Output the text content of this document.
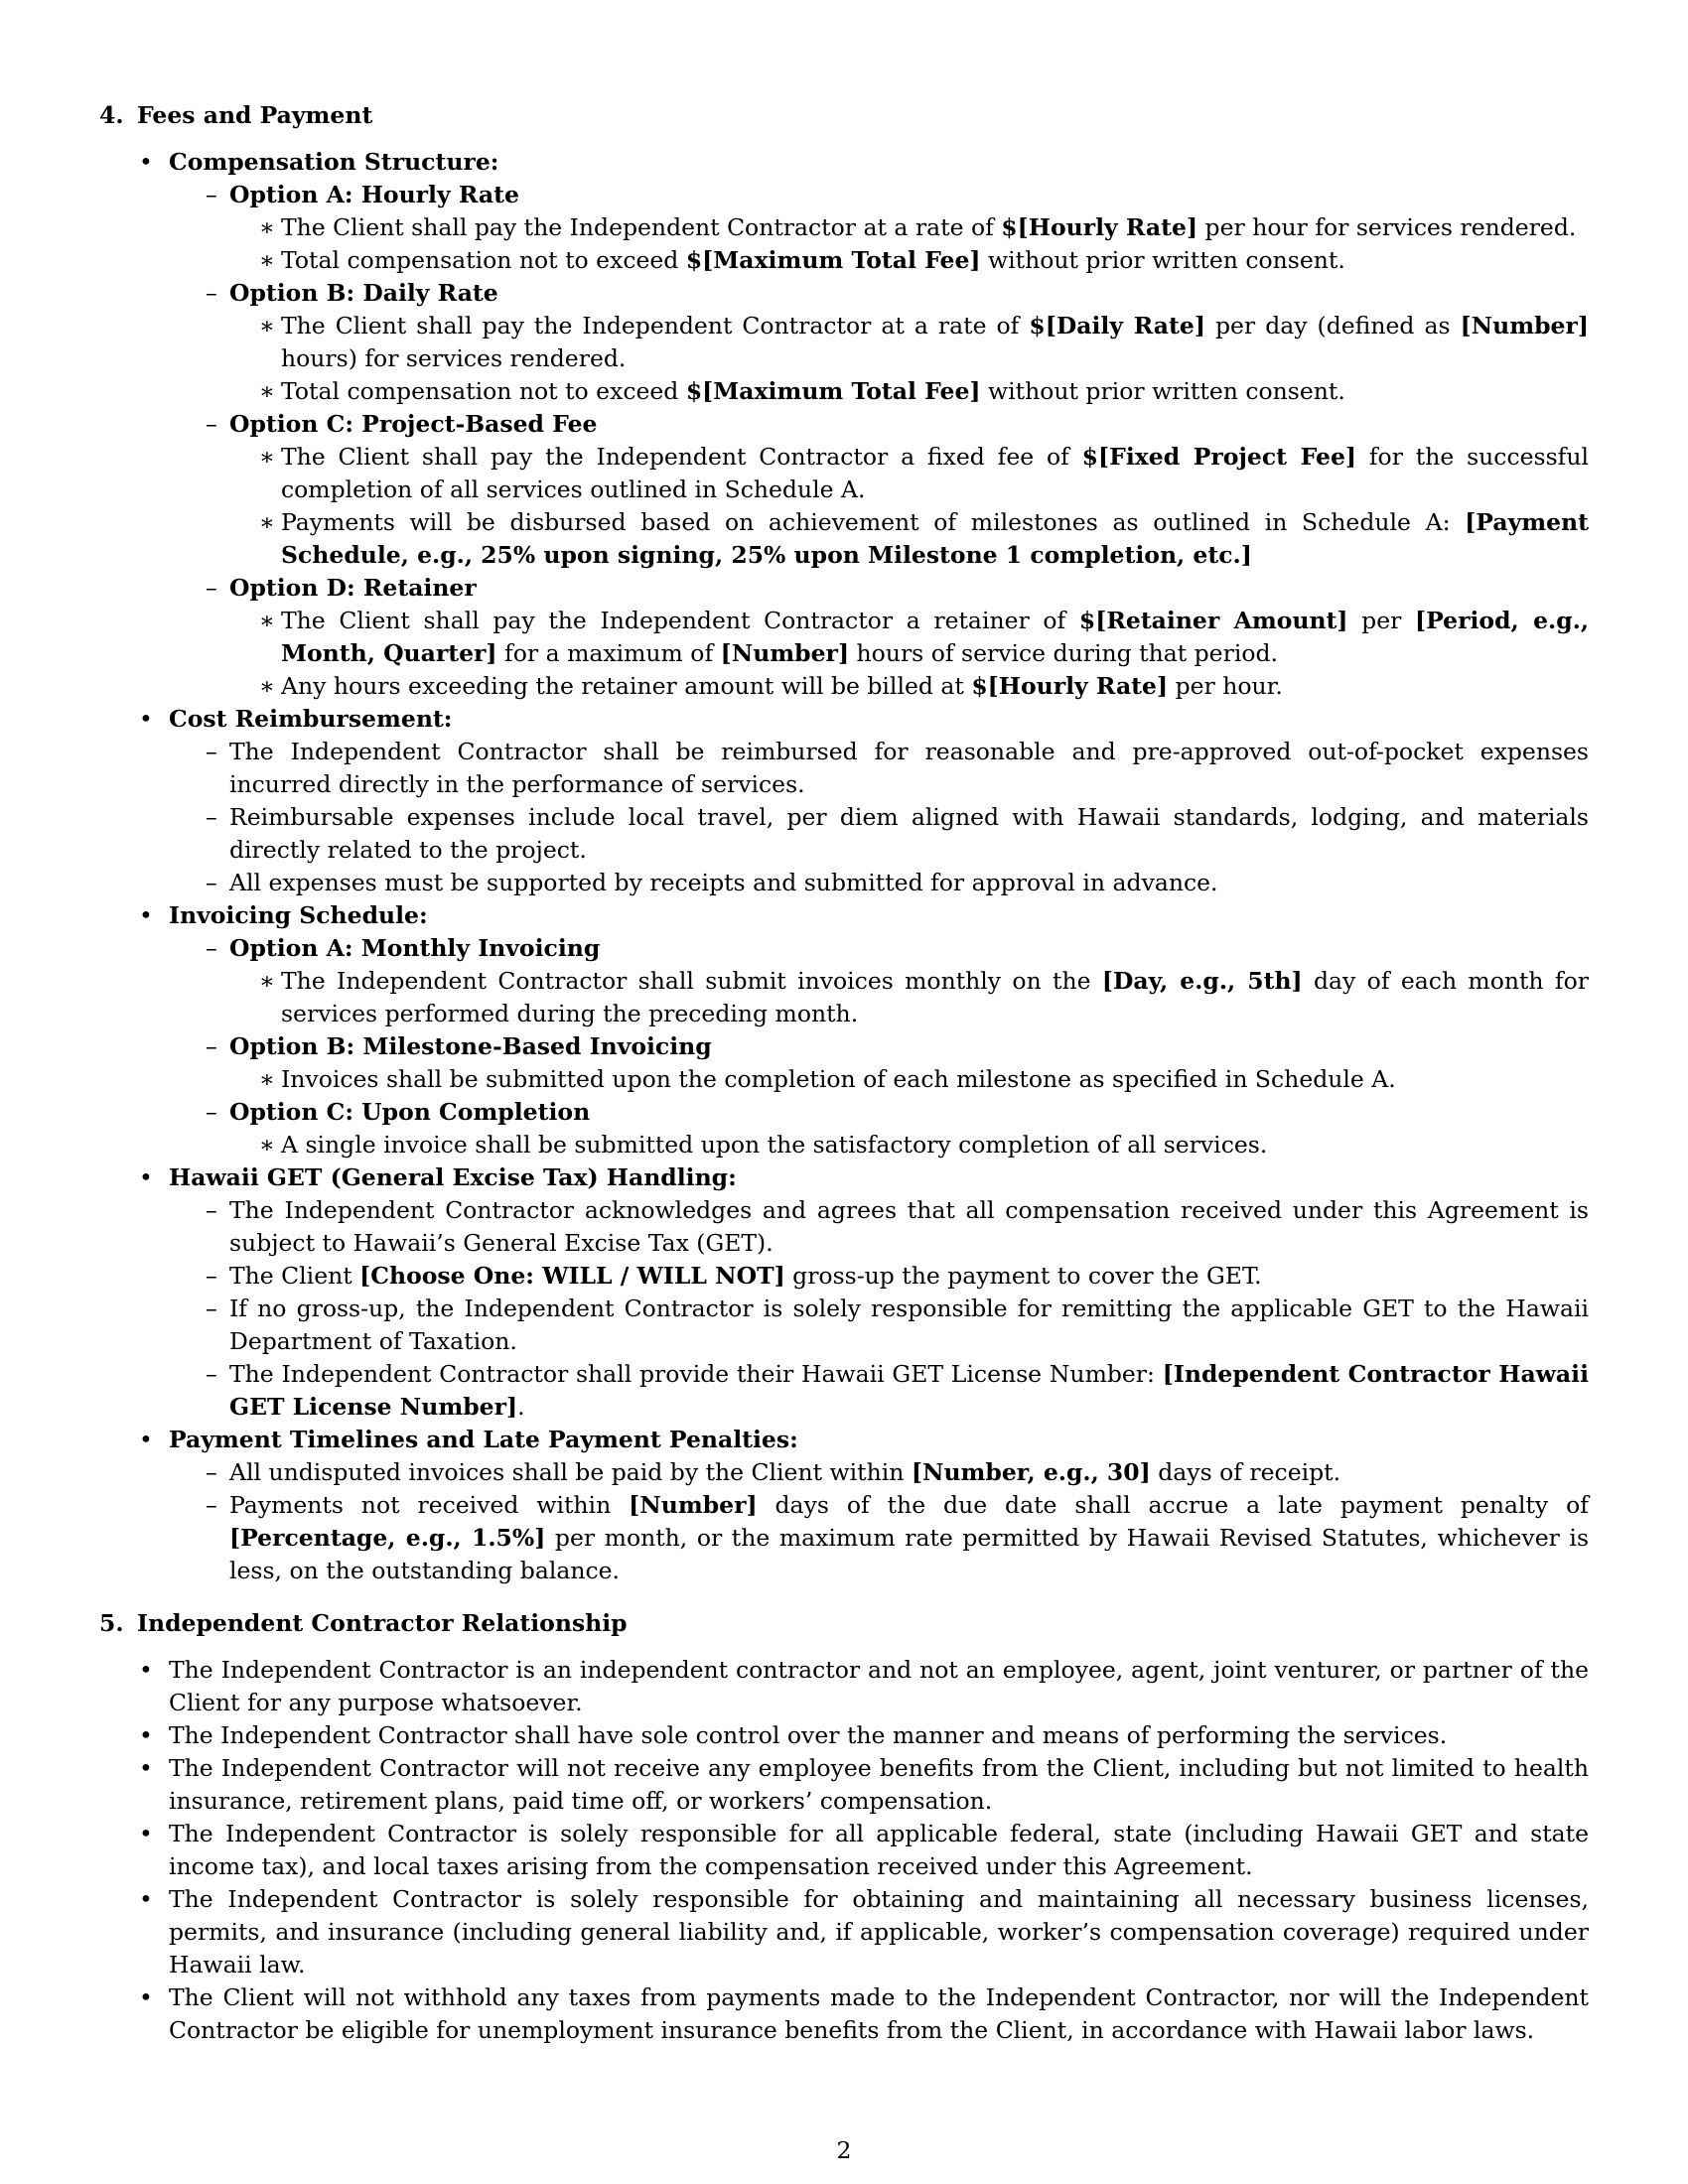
4. Fees and Payment
• Compensation Structure:
– Option A: Hourly Rate
∗ The Client shall pay the Independent Contractor at a rate of $[Hourly Rate] per hour for services rendered.
∗ Total compensation not to exceed $[Maximum Total Fee] without prior written consent.
– Option B: Daily Rate
∗ The Client shall pay the Independent Contractor at a rate of $[Daily Rate] per day (defined as [Number] hours) for services rendered.
∗ Total compensation not to exceed $[Maximum Total Fee] without prior written consent.
– Option C: Project-Based Fee
∗ The Client shall pay the Independent Contractor a fixed fee of $[Fixed Project Fee] for the successful completion of all services outlined in Schedule A.
∗ Payments will be disbursed based on achievement of milestones as outlined in Schedule A: [Payment Schedule, e.g., 25% upon signing, 25% upon Milestone 1 completion, etc.]
– Option D: Retainer
∗ The Client shall pay the Independent Contractor a retainer of $[Retainer Amount] per [Period, e.g., Month, Quarter] for a maximum of [Number] hours of service during that period.
∗ Any hours exceeding the retainer amount will be billed at $[Hourly Rate] per hour.
• Cost Reimbursement:
– The Independent Contractor shall be reimbursed for reasonable and pre-approved out-of-pocket expenses incurred directly in the performance of services.
– Reimbursable expenses include local travel, per diem aligned with Hawaii standards, lodging, and materials directly related to the project.
– All expenses must be supported by receipts and submitted for approval in advance.
• Invoicing Schedule:
– Option A: Monthly Invoicing
∗ The Independent Contractor shall submit invoices monthly on the [Day, e.g., 5th] day of each month for services performed during the preceding month.
– Option B: Milestone-Based Invoicing
∗ Invoices shall be submitted upon the completion of each milestone as specified in Schedule A.
– Option C: Upon Completion
∗ A single invoice shall be submitted upon the satisfactory completion of all services.
• Hawaii GET (General Excise Tax) Handling:
– The Independent Contractor acknowledges and agrees that all compensation received under this Agreement is subject to Hawaii’s General Excise Tax (GET).
– The Client [Choose One: WILL / WILL NOT] gross-up the payment to cover the GET.
– If no gross-up, the Independent Contractor is solely responsible for remitting the applicable GET to the Hawaii Department of Taxation.
– The Independent Contractor shall provide their Hawaii GET License Number: [Independent Contractor Hawaii GET License Number].
• Payment Timelines and Late Payment Penalties:
– All undisputed invoices shall be paid by the Client within [Number, e.g., 30] days of receipt.
– Payments not received within [Number] days of the due date shall accrue a late payment penalty of [Percentage, e.g., 1.5%] per month, or the maximum rate permitted by Hawaii Revised Statutes, whichever is less, on the outstanding balance.
5. Independent Contractor Relationship
• The Independent Contractor is an independent contractor and not an employee, agent, joint venturer, or partner of the Client for any purpose whatsoever.
• The Independent Contractor shall have sole control over the manner and means of performing the services.
• The Independent Contractor will not receive any employee benefits from the Client, including but not limited to health insurance, retirement plans, paid time off, or workers’ compensation.
• The Independent Contractor is solely responsible for all applicable federal, state (including Hawaii GET and state income tax), and local taxes arising from the compensation received under this Agreement.
• The Independent Contractor is solely responsible for obtaining and maintaining all necessary business licenses, permits, and insurance (including general liability and, if applicable, worker’s compensation coverage) required under Hawaii law.
• The Client will not withhold any taxes from payments made to the Independent Contractor, nor will the Independent Contractor be eligible for unemployment insurance benefits from the Client, in accordance with Hawaii labor laws.
2
